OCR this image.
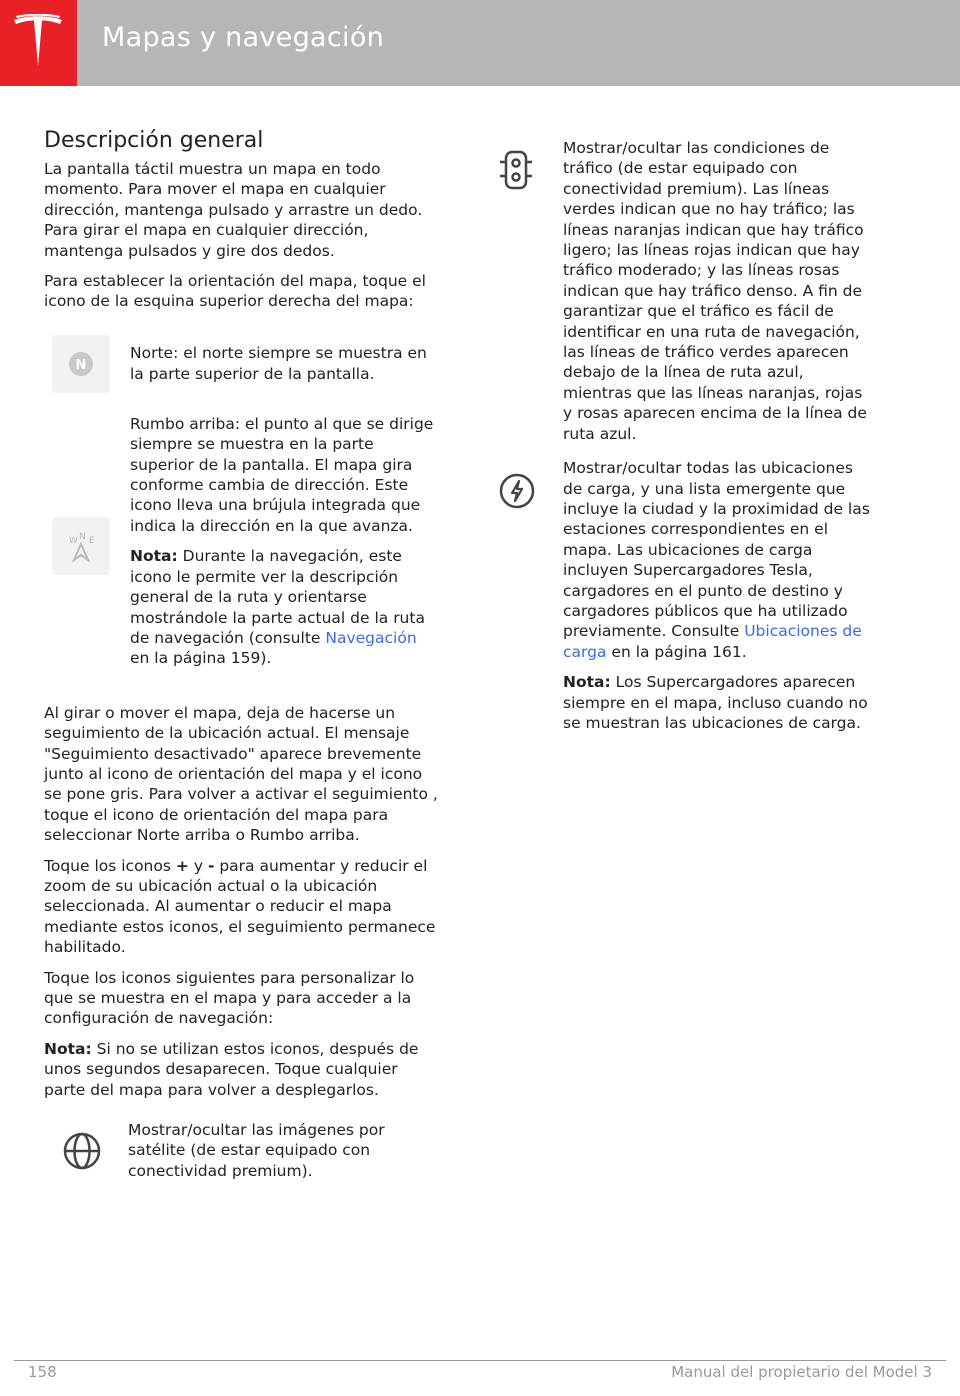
Mapas y navegación
Descripción general

La pantalla táctil muestra un mapa en todo momento. Para mover el mapa en cualquier dirección, mantenga pulsado y arrastre un dedo. Para girar el mapa en cualquier dirección, mantenga pulsados y gire dos dedos.

Para establecer la orientación del mapa, toque el icono de la esquina superior derecha del mapa:

N

Norte: el norte siempre se muestra en la parte superior de la pantalla.

W N E

Rumbo arriba: el punto al que se dirige siempre se muestra en la parte superior de la pantalla. El mapa gira conforme cambia de dirección. Este icono lleva una brújula integrada que indica la dirección en la que avanza.

Nota: Durante la navegación, este icono le permite ver la descripción general de la ruta y orientarse mostrándole la parte actual de la ruta de navegación (consulte Navegación en la página 159).

Al girar o mover el mapa, deja de hacerse un seguimiento de la ubicación actual. El mensaje "Seguimiento desactivado" aparece brevemente junto al icono de orientación del mapa y el icono se pone gris. Para volver a activar el seguimiento , toque el icono de orientación del mapa para seleccionar Norte arriba o Rumbo arriba.

Toque los iconos + y - para aumentar y reducir el zoom de su ubicación actual o la ubicación seleccionada. Al aumentar o reducir el mapa mediante estos iconos, el seguimiento permanece habilitado.

Toque los iconos siguientes para personalizar lo que se muestra en el mapa y para acceder a la configuración de navegación:

Nota: Si no se utilizan estos iconos, después de unos segundos desaparecen. Toque cualquier parte del mapa para volver a desplegarlos.

Mostrar/ocultar las imágenes por satélite (de estar equipado con conectividad premium).

Mostrar/ocultar las condiciones de tráfico (de estar equipado con conectividad premium). Las líneas verdes indican que no hay tráfico; las líneas naranjas indican que hay tráfico ligero; las líneas rojas indican que hay tráfico moderado; y las líneas rosas indican que hay tráfico denso. A fin de garantizar que el tráfico es fácil de identificar en una ruta de navegación, las líneas de tráfico verdes aparecen debajo de la línea de ruta azul, mientras que las líneas naranjas, rojas y rosas aparecen encima de la línea de ruta azul.

Mostrar/ocultar todas las ubicaciones de carga, y una lista emergente que incluye la ciudad y la proximidad de las estaciones correspondientes en el mapa. Las ubicaciones de carga incluyen Supercargadores Tesla, cargadores en el punto de destino y cargadores públicos que ha utilizado previamente. Consulte Ubicaciones de carga en la página 161.

Nota: Los Supercargadores aparecen siempre en el mapa, incluso cuando no se muestran las ubicaciones de carga.

158	Manual del propietario del Model 3
